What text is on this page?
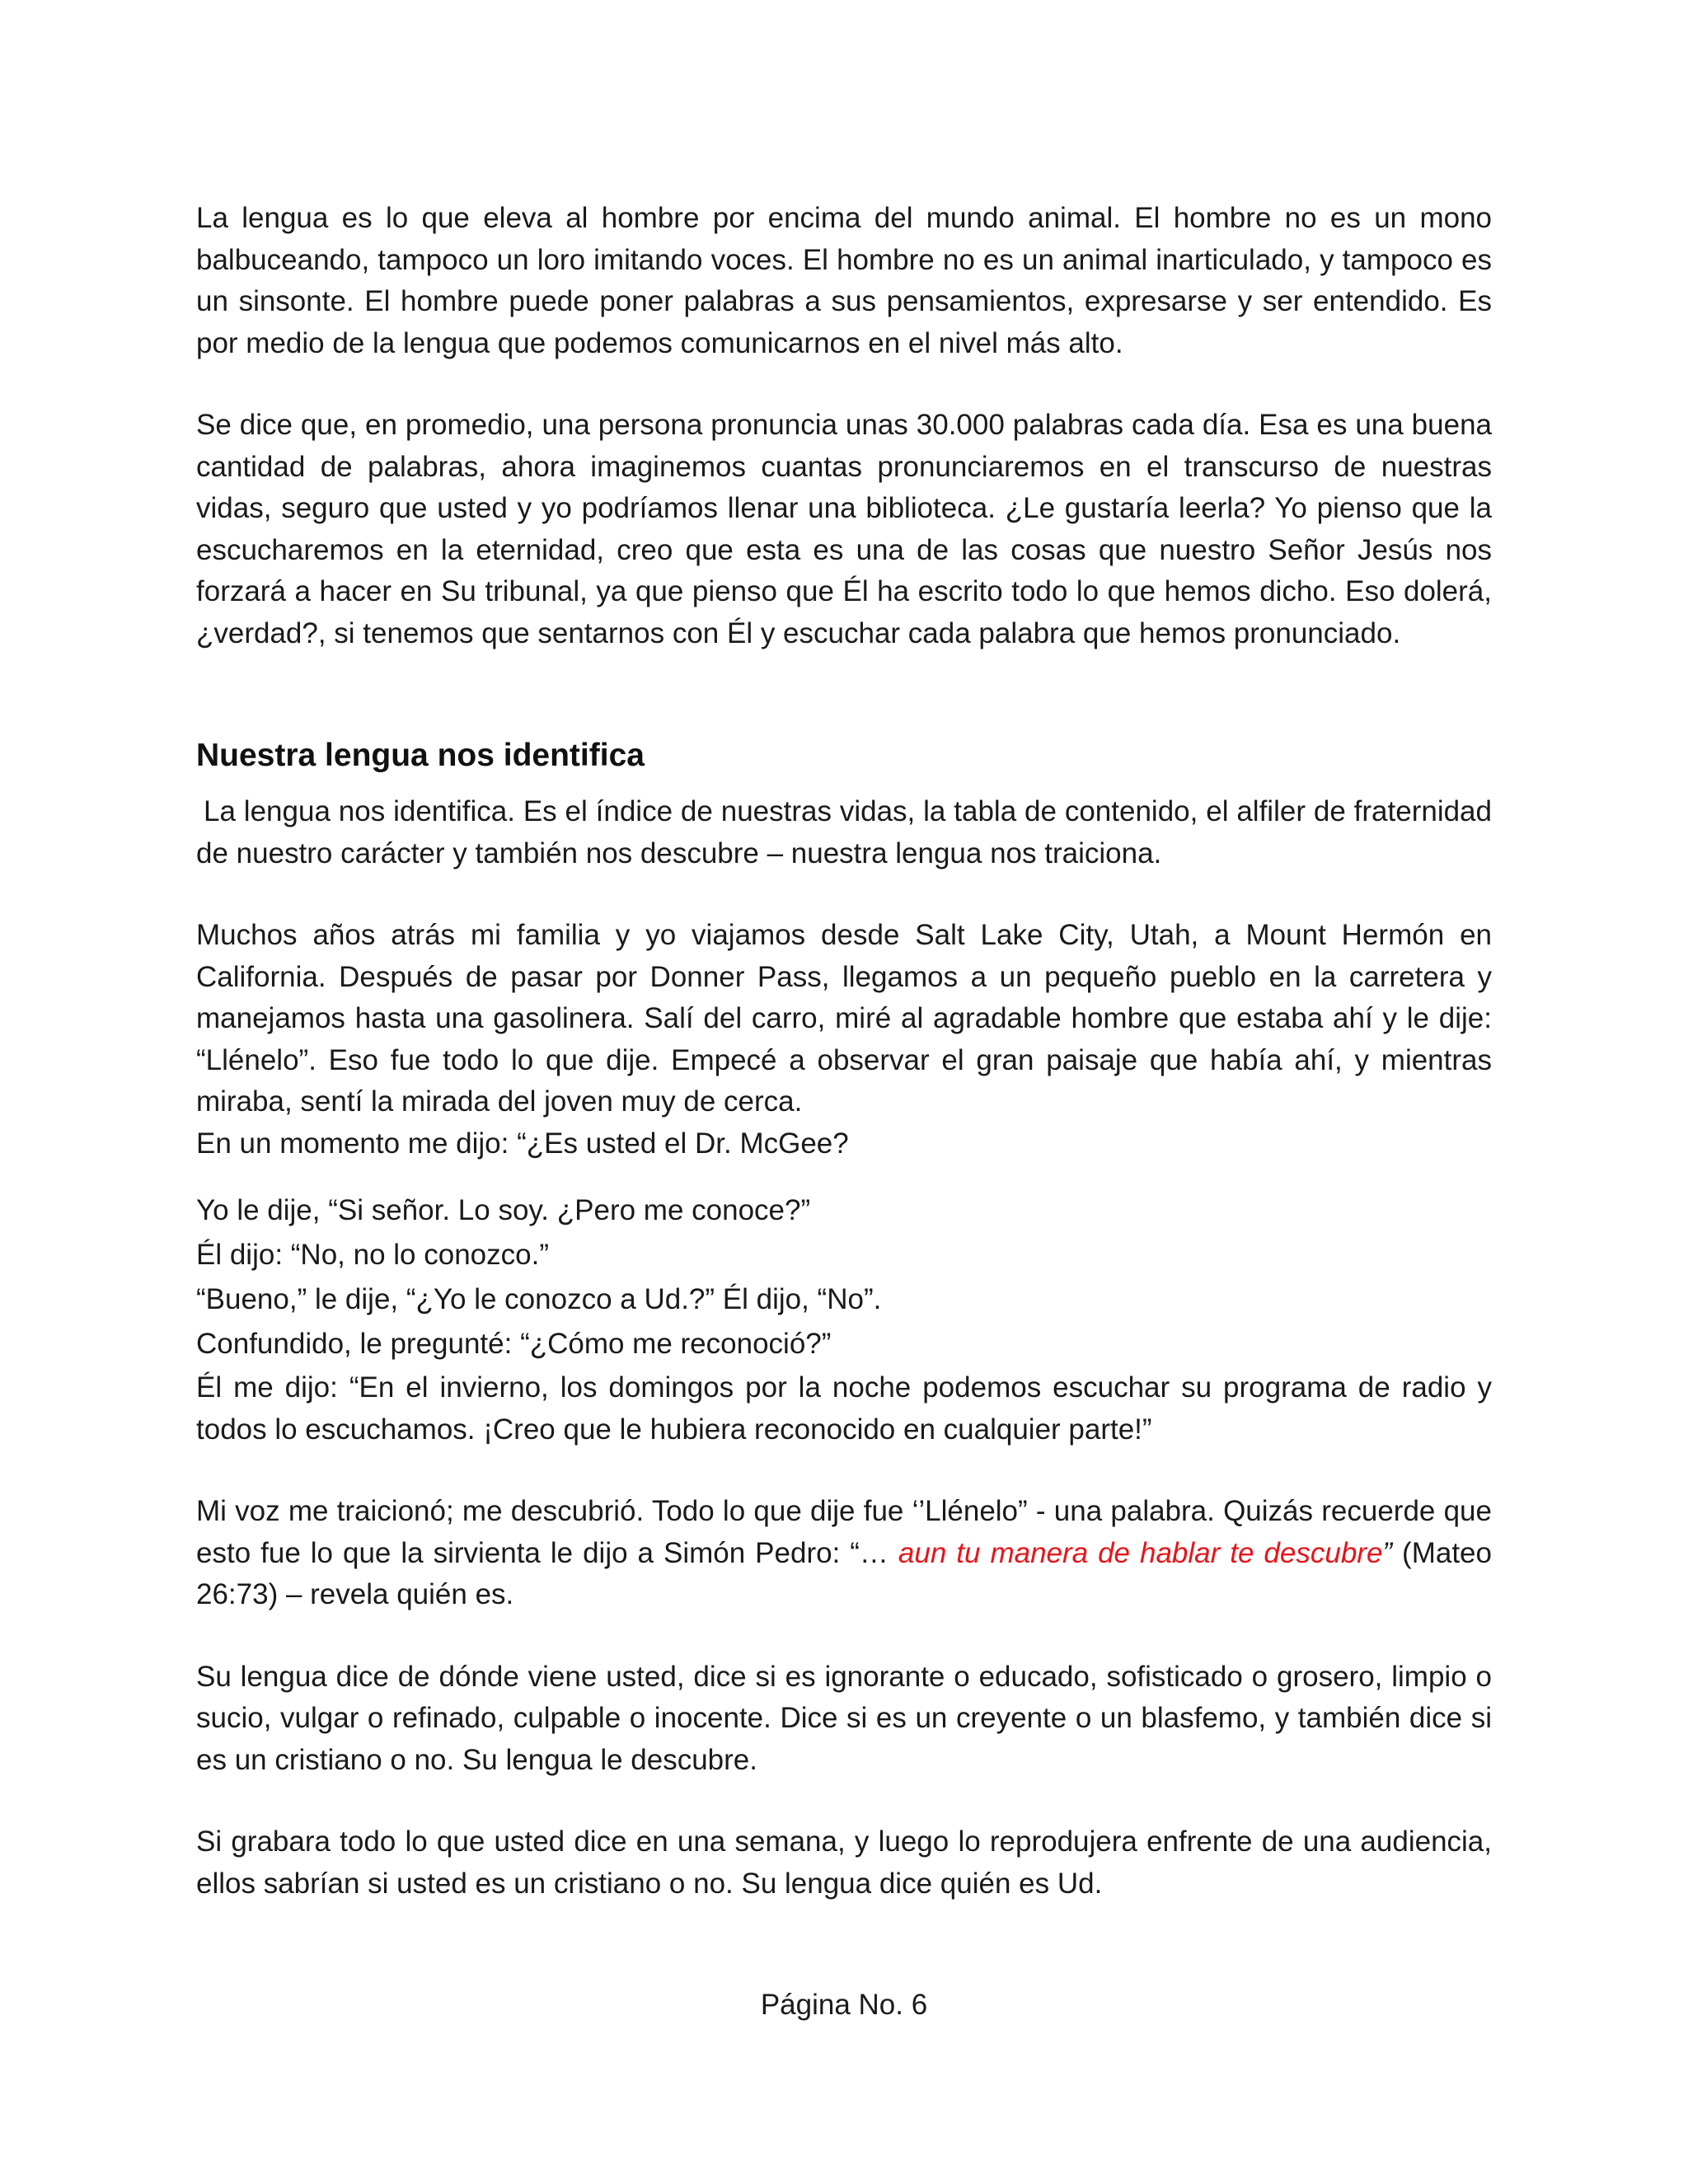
La lengua es lo que eleva al hombre por encima del mundo animal. El hombre no es un mono balbuceando, tampoco un loro imitando voces. El hombre no es un animal inarticulado, y tampoco es un sinsonte. El hombre puede poner palabras a sus pensamientos, expresarse y ser entendido. Es por medio de la lengua que podemos comunicarnos en el nivel más alto.

Se dice que, en promedio, una persona pronuncia unas 30.000 palabras cada día. Esa es una buena cantidad de palabras, ahora imaginemos cuantas pronunciaremos en el transcurso de nuestras vidas, seguro que usted y yo podríamos llenar una biblioteca. ¿Le gustaría leerla? Yo pienso que la escucharemos en la eternidad, creo que esta es una de las cosas que nuestro Señor Jesús nos forzará a hacer en Su tribunal, ya que pienso que Él ha escrito todo lo que hemos dicho. Eso dolerá, ¿verdad?, si tenemos que sentarnos con Él y escuchar cada palabra que hemos pronunciado.

Nuestra lengua nos identifica

La lengua nos identifica. Es el índice de nuestras vidas, la tabla de contenido, el alfiler de fraternidad de nuestro carácter y también nos descubre – nuestra lengua nos traiciona.

Muchos años atrás mi familia y yo viajamos desde Salt Lake City, Utah, a Mount Hermón en California. Después de pasar por Donner Pass, llegamos a un pequeño pueblo en la carretera y manejamos hasta una gasolinera. Salí del carro, miré al agradable hombre que estaba ahí y le dije: “Llénelo”. Eso fue todo lo que dije. Empecé a observar el gran paisaje que había ahí, y mientras miraba, sentí la mirada del joven muy de cerca.

En un momento me dijo: “¿Es usted el Dr. McGee?

Yo le dije, “Si señor. Lo soy. ¿Pero me conoce?”

Él dijo: “No, no lo conozco.”

“Bueno,” le dije, “¿Yo le conozco a Ud.?” Él dijo, “No”.

Confundido, le pregunté: “¿Cómo me reconoció?”

Él me dijo: “En el invierno, los domingos por la noche podemos escuchar su programa de radio y todos lo escuchamos. ¡Creo que le hubiera reconocido en cualquier parte!”

Mi voz me traicionó; me descubrió. Todo lo que dije fue ‘’Llénelo” - una palabra. Quizás recuerde que esto fue lo que la sirvienta le dijo a Simón Pedro: “… aun tu manera de hablar te descubre” (Mateo 26:73) – revela quién es.

Su lengua dice de dónde viene usted, dice si es ignorante o educado, sofisticado o grosero, limpio o sucio, vulgar o refinado, culpable o inocente. Dice si es un creyente o un blasfemo, y también dice si es un cristiano o no. Su lengua le descubre.

Si grabara todo lo que usted dice en una semana, y luego lo reprodujera enfrente de una audiencia, ellos sabrían si usted es un cristiano o no. Su lengua dice quién es Ud.

Página No. 6
